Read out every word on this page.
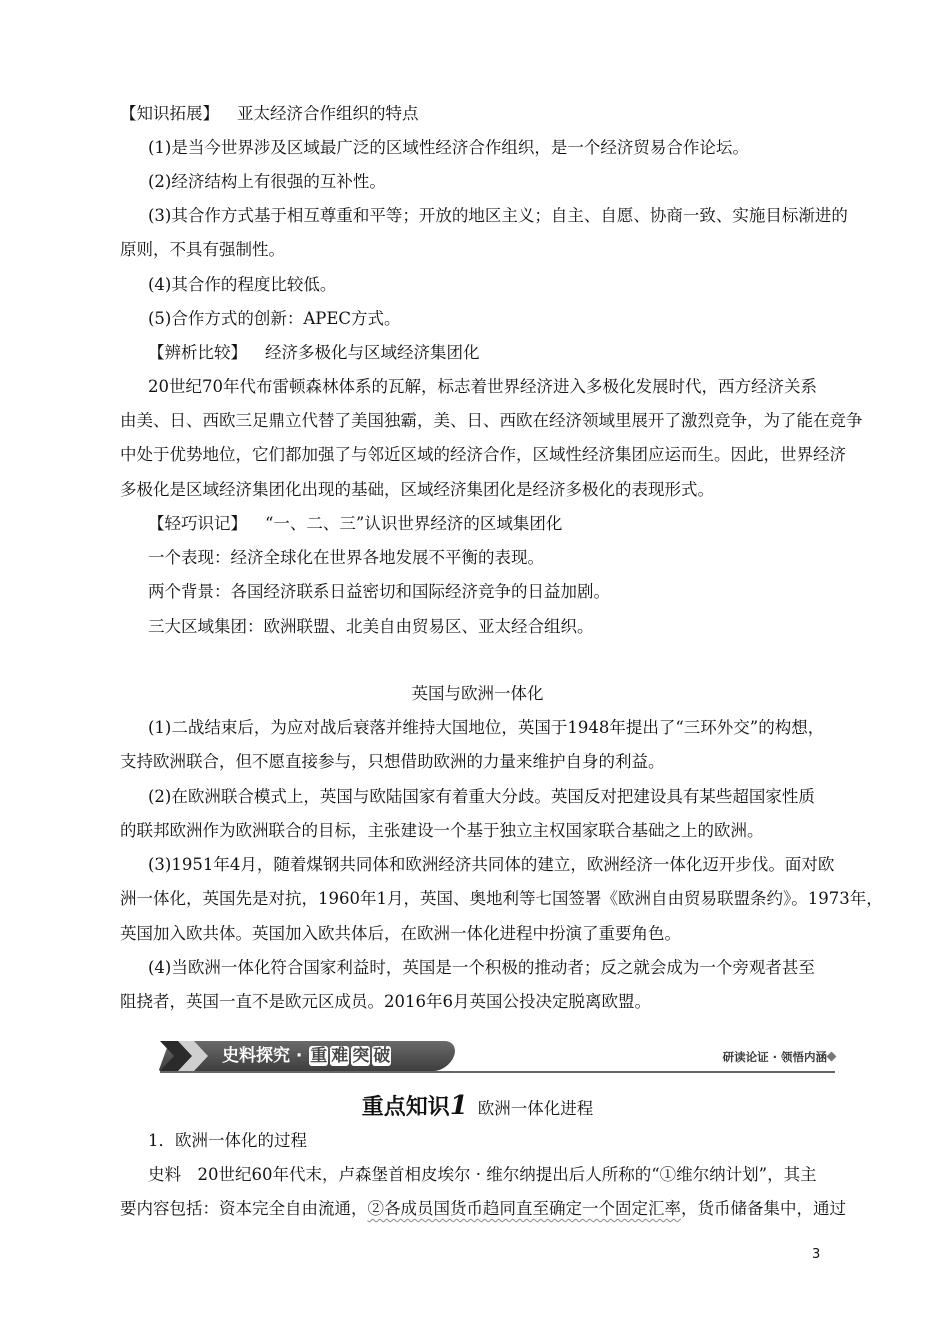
【知识拓展】 亚太经济合作组织的特点
(1)是当今世界涉及区域最广泛的区域性经济合作组织，是一个经济贸易合作论坛。
(2)经济结构上有很强的互补性。
(3)其合作方式基于相互尊重和平等；开放的地区主义；自主、自愿、协商一致、实施目标渐进的
原则，不具有强制性。
(4)其合作的程度比较低。
(5)合作方式的创新：APEC方式。
【辨析比较】 经济多极化与区域经济集团化
20世纪70年代布雷顿森林体系的瓦解，标志着世界经济进入多极化发展时代，西方经济关系
由美、日、西欧三足鼎立代替了美国独霸，美、日、西欧在经济领域里展开了激烈竞争，为了能在竞争
中处于优势地位，它们都加强了与邻近区域的经济合作，区域性经济集团应运而生。因此，世界经济
多极化是区域经济集团化出现的基础，区域经济集团化是经济多极化的表现形式。
【轻巧识记】 “一、二、三”认识世界经济的区域集团化
一个表现：经济全球化在世界各地发展不平衡的表现。
两个背景：各国经济联系日益密切和国际经济竞争的日益加剧。
三大区域集团：欧洲联盟、北美自由贸易区、亚太经合组织。
英国与欧洲一体化
(1)二战结束后，为应对战后衰落并维持大国地位，英国于1948年提出了“三环外交”的构想，
支持欧洲联合，但不愿直接参与，只想借助欧洲的力量来维护自身的利益。
(2)在欧洲联合模式上，英国与欧陆国家有着重大分歧。英国反对把建设具有某些超国家性质
的联邦欧洲作为欧洲联合的目标，主张建设一个基于独立主权国家联合基础之上的欧洲。
(3)1951年4月，随着煤钢共同体和欧洲经济共同体的建立，欧洲经济一体化迈开步伐。面对欧
洲一体化，英国先是对抗，1960年1月，英国、奥地利等七国签署《欧洲自由贸易联盟条约》。1973年，
英国加入欧共体。英国加入欧共体后，在欧洲一体化进程中扮演了重要角色。
(4)当欧洲一体化符合国家利益时，英国是一个积极的推动者；反之就会成为一个旁观者甚至
阻挠者，英国一直不是欧元区成员。2016年6月英国公投决定脱离欧盟。
史料探究 · 重 难 突 破	研读论证 · 领悟内涵
重点知识1 欧洲一体化进程
1．欧洲一体化的过程
史料　20世纪60年代末，卢森堡首相皮埃尔 · 维尔纳提出后人所称的“①维尔纳计划”，其主
要内容包括：资本完全自由流通，②各成员国货币趋同直至确定一个固定汇率，货币储备集中，通过
3
